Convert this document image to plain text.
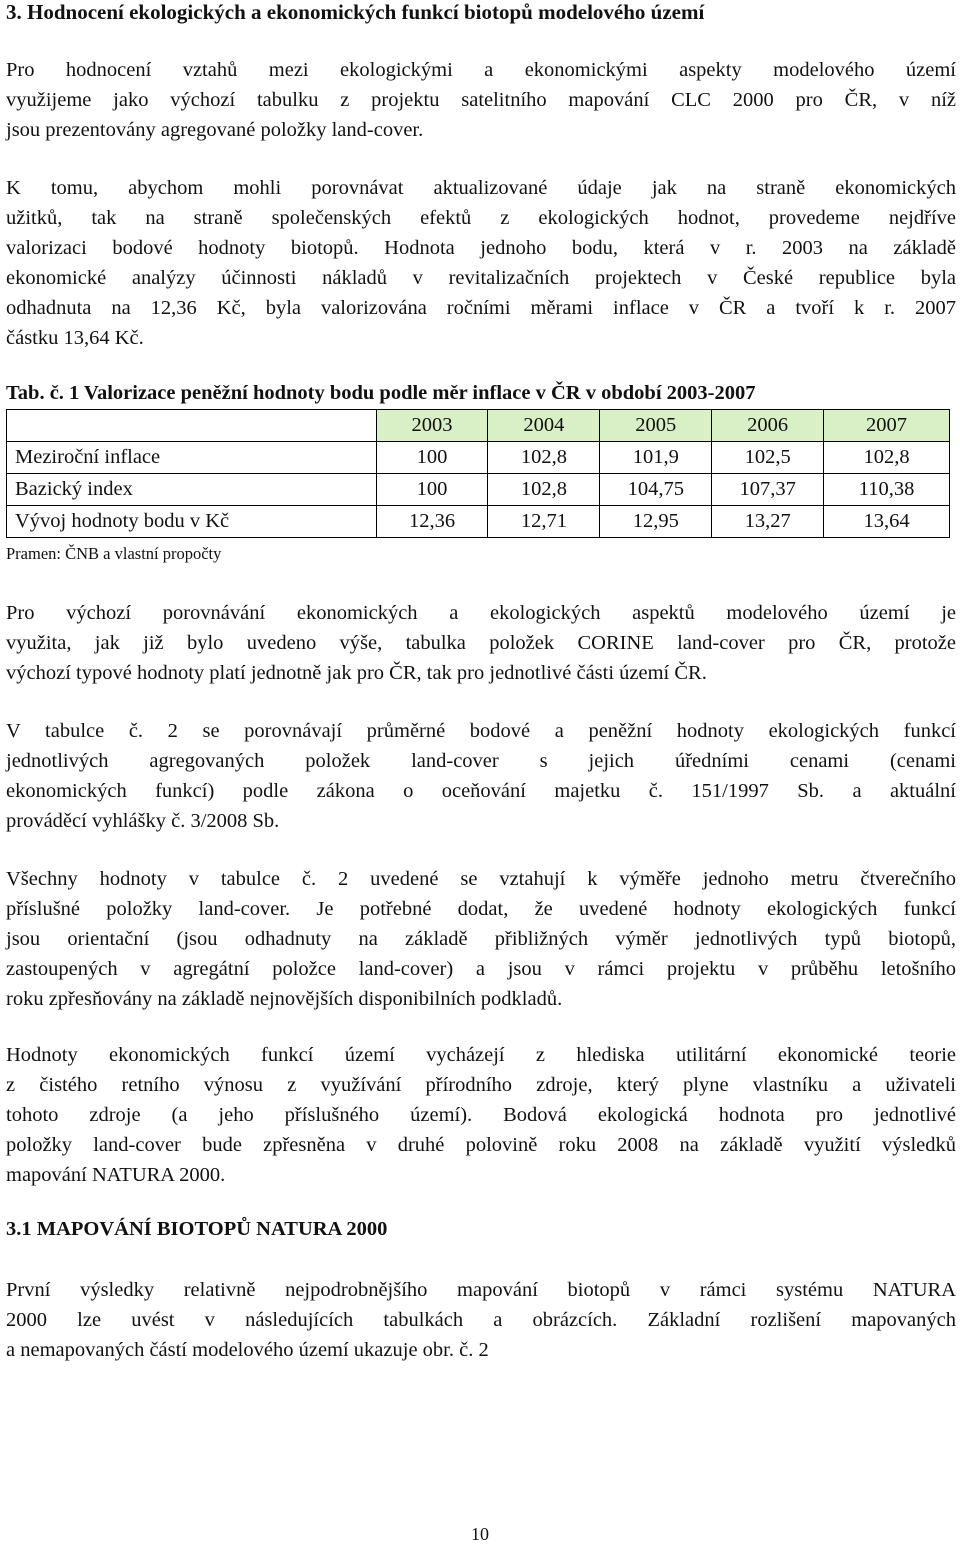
3. Hodnocení ekologických a ekonomických funkcí biotopů modelového území
Pro hodnocení vztahů mezi ekologickými a ekonomickými aspekty modelového území
využijeme jako výchozí tabulku z projektu satelitního mapování CLC 2000 pro ČR, v níž
jsou prezentovány agregované položky land-cover.
K tomu, abychom mohli porovnávat aktualizované údaje jak na straně ekonomických
užitků, tak na straně společenských efektů z ekologických hodnot, provedeme nejdříve
valorizaci bodové hodnoty biotopů. Hodnota jednoho bodu, která v r. 2003 na základě
ekonomické analýzy účinnosti nákladů v revitalizačních projektech v České republice byla
odhadnuta na 12,36 Kč, byla valorizována ročními měrami inflace v ČR a tvoří k r. 2007
částku 13,64 Kč.
Tab. č. 1 Valorizace peněžní hodnoty bodu podle měr inflace v ČR v období 2003-2007
	2003	2004	2005	2006	2007
Meziroční inflace	100	102,8	101,9	102,5	102,8
Bazický index	100	102,8	104,75	107,37	110,38
Vývoj hodnoty bodu v Kč	12,36	12,71	12,95	13,27	13,64
Pramen: ČNB a vlastní propočty
Pro výchozí porovnávání ekonomických a ekologických aspektů modelového území je
využita, jak již bylo uvedeno výše, tabulka položek CORINE land-cover pro ČR, protože
výchozí typové hodnoty platí jednotně jak pro ČR, tak pro jednotlivé části území ČR.
V tabulce č. 2 se porovnávají průměrné bodové a peněžní hodnoty ekologických funkcí
jednotlivých agregovaných položek land-cover s jejich úředními cenami (cenami
ekonomických funkcí) podle zákona o oceňování majetku č. 151/1997 Sb. a aktuální
prováděcí vyhlášky č. 3/2008 Sb.
Všechny hodnoty v tabulce č. 2 uvedené se vztahují k výměře jednoho metru čtverečního
příslušné položky land-cover. Je potřebné dodat, že uvedené hodnoty ekologických funkcí
jsou orientační (jsou odhadnuty na základě přibližných výměr jednotlivých typů biotopů,
zastoupených v agregátní položce land-cover) a jsou v rámci projektu v průběhu letošního
roku zpřesňovány na základě nejnovějších disponibilních podkladů.
Hodnoty ekonomických funkcí území vycházejí z hlediska utilitární ekonomické teorie
z čistého retního výnosu z využívání přírodního zdroje, který plyne vlastníku a uživateli
tohoto zdroje (a jeho příslušného území). Bodová ekologická hodnota pro jednotlivé
položky land-cover bude zpřesněna v druhé polovině roku 2008 na základě využití výsledků
mapování NATURA 2000.
3.1 MAPOVÁNÍ BIOTOPŮ NATURA 2000
První výsledky relativně nejpodrobnějšího mapování biotopů v rámci systému NATURA
2000 lze uvést v následujících tabulkách a obrázcích. Základní rozlišení mapovaných
a nemapovaných částí modelového území ukazuje obr. č. 2
10
